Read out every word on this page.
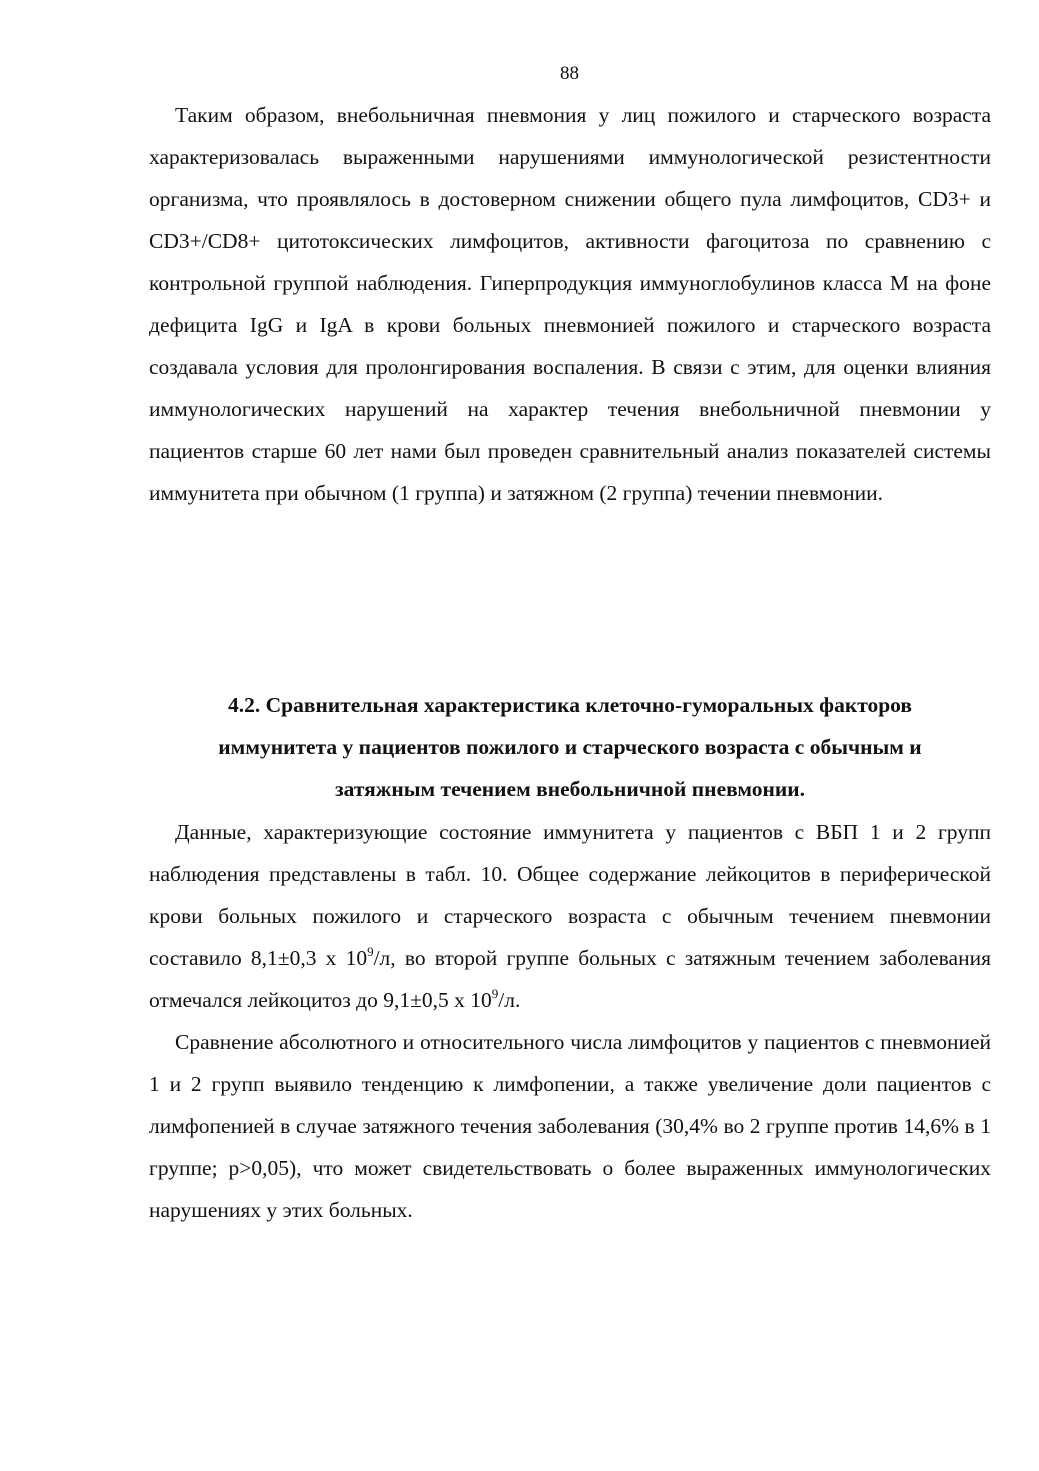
88

Таким образом, внебольничная пневмония у лиц пожилого и старческого возраста характеризовалась выраженными нарушениями иммунологической резистентности организма, что проявлялось в достоверном снижении общего пула лимфоцитов, CD3+ и CD3+/CD8+ цитотоксических лимфоцитов, активности фагоцитоза по сравнению с контрольной группой наблюдения. Гиперпродукция иммуноглобулинов класса М на фоне дефицита IgG и IgA в крови больных пневмонией пожилого и старческого возраста создавала условия для пролонгирования воспаления. В связи с этим, для оценки влияния иммунологических нарушений на характер течения внебольничной пневмонии у пациентов старше 60 лет нами был проведен сравнительный анализ показателей системы иммунитета при обычном (1 группа) и затяжном (2 группа) течении пневмонии.

4.2. Сравнительная характеристика клеточно-гуморальных факторов
иммунитета у пациентов пожилого и старческого возраста с обычным и
затяжным течением внебольничной пневмонии.

Данные, характеризующие состояние иммунитета у пациентов с ВБП 1 и 2 групп наблюдения представлены в табл. 10. Общее содержание лейкоцитов в периферической крови больных пожилого и старческого возраста с обычным течением пневмонии составило 8,1±0,3 х $10^9/л$, во второй группе больных с затяжным течением заболевания отмечался лейкоцитоз до 9,1±0,5 х $10^9/л$.

Сравнение абсолютного и относительного числа лимфоцитов у пациентов с пневмонией 1 и 2 групп выявило тенденцию к лимфопении, а также увеличение доли пациентов с лимфопенией в случае затяжного течения заболевания (30,4% во 2 группе против 14,6% в 1 группе; р>0,05), что может свидетельствовать о более выраженных иммунологических нарушениях у этих больных.
